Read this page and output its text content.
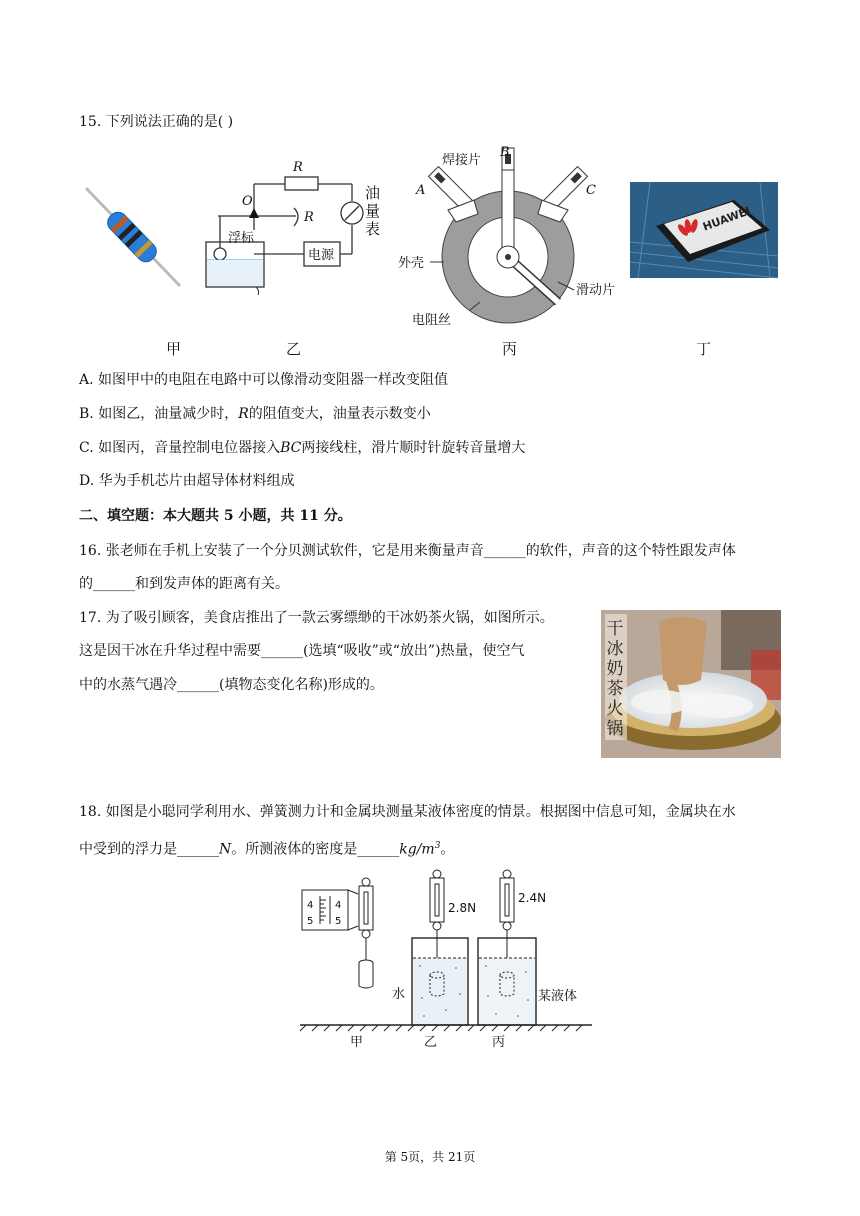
15. 下列说法正确的是( )
R
R
O
浮标
电源
油量表
B
A	C
焊接片
外壳
电阻丝
滑动片
HUAWEI
甲	乙	丙	丁
A. 如图甲中的电阻在电路中可以像滑动变阻器一样改变阻值
B. 如图乙，油量减少时，R的阻值变大，油量表示数变小
C. 如图丙，音量控制电位器接入BC两接线柱，滑片顺时针旋转音量增大
D. 华为手机芯片由超导体材料组成
二、填空题：本大题共 5 小题，共 11 分。
16. 张老师在手机上安装了一个分贝测试软件，它是用来衡量声音______的软件，声音的这个特性跟发声体
的______和到发声体的距离有关。
17. 为了吸引顾客，美食店推出了一款云雾缥缈的干冰奶茶火锅，如图所示。
这是因干冰在升华过程中需要______(选填“吸收”或“放出”)热量，使空气
中的水蒸气遇冷______(填物态变化名称)形成的。
干
冰
奶
茶
火
锅
18. 如图是小聪同学利用水、弹簧测力计和金属块测量某液体密度的情景。根据图中信息可知，金属块在水
中受到的浮力是______N。所测液体的密度是$\_\_\_\_\_\_kg/m^3$。
4
5
4
5
2.8N
2.4N
水	某液体
甲	乙	丙
第 5页，共 21页
